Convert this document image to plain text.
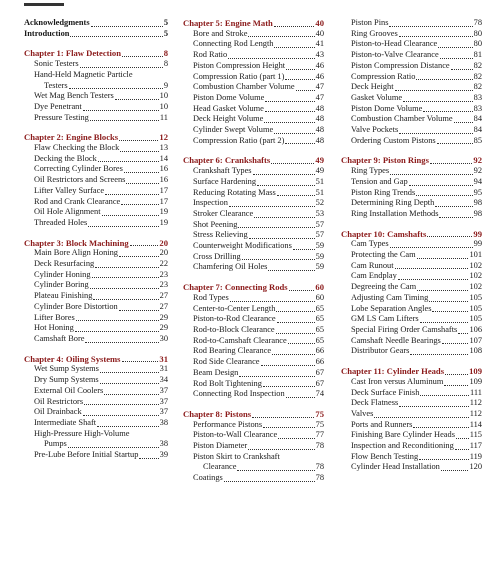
Acknowledgments	5
Introduction	5
Chapter 1: Flaw Detection	8
Sonic Testers	8
Hand-Held Magnetic Particle
Testers	9
Wet Mag Bench Testers	10
Dye Penetrant	10
Pressure Testing	11
Chapter 2: Engine Blocks	12
Flaw Checking the Block	13
Decking the Block	14
Correcting Cylinder Bores	16
Oil Restrictors and Screens	16
Lifter Valley Surface	17
Rod and Crank Clearance	17
Oil Hole Alignment	19
Threaded Holes	19
Chapter 3: Block Machining	20
Main Bore Align Honing	20
Deck Resurfacing	22
Cylinder Honing	23
Cylinder Boring	23
Plateau Finishing	27
Cylinder Bore Distortion	27
Lifter Bores	29
Hot Honing	29
Camshaft Bore	30
Chapter 4: Oiling Systems	31
Wet Sump Systems	31
Dry Sump Systems	34
External Oil Coolers	37
Oil Restrictors	37
Oil Drainback	37
Intermediate Shaft	38
High-Pressure High-Volume
Pumps	38
Pre-Lube Before Initial Startup	39
Chapter 5: Engine Math	40
Bore and Stroke	40
Connecting Rod Length	41
Rod Ratio	43
Piston Compression Height	46
Compression Ratio (part 1)	46
Combustion Chamber Volume	47
Piston Dome Volume	47
Head Gasket Volume	48
Deck Height Volume	48
Cylinder Swept Volume	48
Compression Ratio (part 2)	48
Chapter 6: Crankshafts	49
Crankshaft Types	49
Surface Hardening	51
Reducing Rotating Mass	51
Inspection	52
Stroker Clearance	53
Shot Peening	57
Stress Relieving	57
Counterweight Modifications	59
Cross Drilling	59
Chamfering Oil Holes	59
Chapter 7: Connecting Rods	60
Rod Types	60
Center-to-Center Length	65
Piston-to-Rod Clearance	65
Rod-to-Block Clearance	65
Rod-to-Camshaft Clearance	65
Rod Bearing Clearance	66
Rod Side Clearance	66
Beam Design	67
Rod Bolt Tightening	67
Connecting Rod Inspection	74
Chapter 8: Pistons	75
Performance Pistons	75
Piston-to-Wall Clearance	77
Piston Diameter	78
Piston Skirt to Crankshaft
Clearance	78
Coatings	78
Piston Pins	78
Ring Grooves	80
Piston-to-Head Clearance	80
Piston-to-Valve Clearance	81
Piston Compression Distance	82
Compression Ratio	82
Deck Height	82
Gasket Volume	83
Piston Dome Volume	83
Combustion Chamber Volume	84
Valve Pockets	84
Ordering Custom Pistons	85
Chapter 9: Piston Rings	92
Ring Types	92
Tension and Gap	94
Piston Ring Trends	95
Determining Ring Depth	98
Ring Installation Methods	98
Chapter 10: Camshafts	99
Cam Types	99
Protecting the Cam	101
Cam Runout	102
Cam Endplay	102
Degreeing the Cam	102
Adjusting Cam Timing	105
Lobe Separation Angles	105
GM LS Cam Lifters	105
Special Firing Order Camshafts 106
Camshaft Needle Bearings	107
Distributor Gears	108
Chapter 11: Cylinder Heads	109
Cast Iron versus Aluminum	109
Deck Surface Finish	111
Deck Flatness	112
Valves	112
Ports and Runners	114
Finishing Bare Cylinder Heads 115
Inspection and Reconditioning 117
Flow Bench Testing	119
Cylinder Head Installation	120
